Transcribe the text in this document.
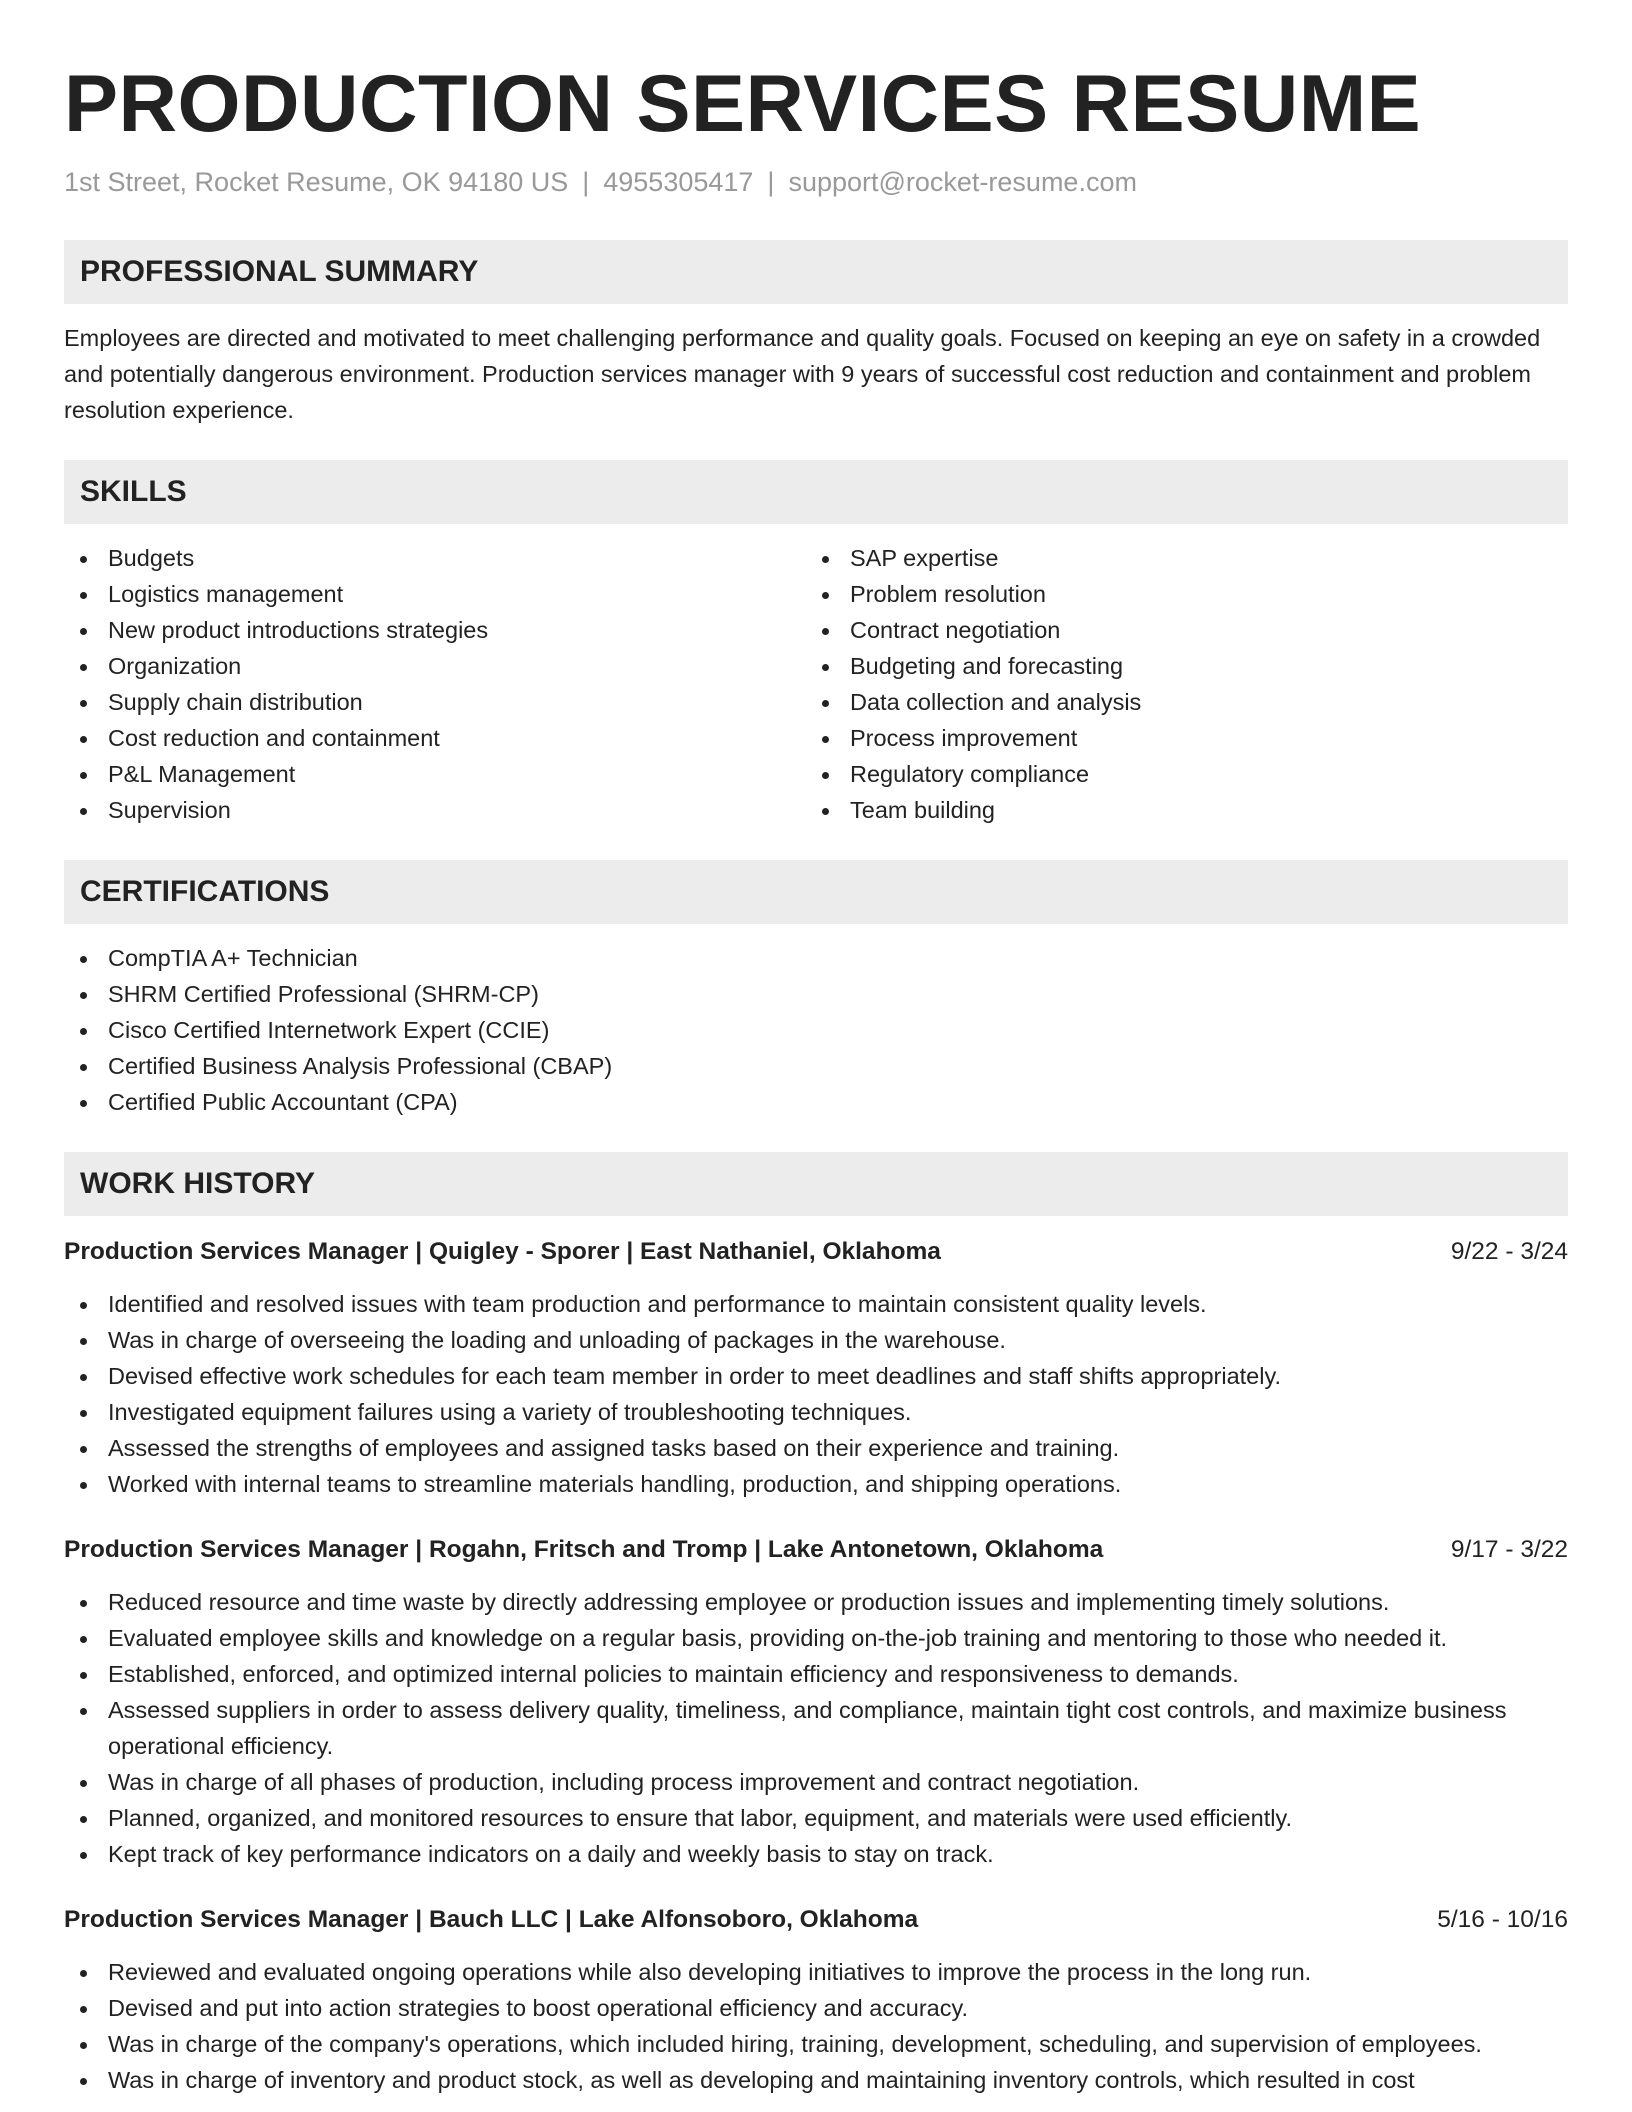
PRODUCTION SERVICES RESUME
1st Street, Rocket Resume, OK 94180 US | 4955305417 | support@rocket-resume.com
PROFESSIONAL SUMMARY

Employees are directed and motivated to meet challenging performance and quality goals. Focused on keeping an eye on safety in a crowded and potentially dangerous environment. Production services manager with 9 years of successful cost reduction and containment and problem resolution experience.

SKILLS
Budgets
Logistics management
New product introductions strategies
Organization
Supply chain distribution
Cost reduction and containment
P&L Management
Supervision
SAP expertise
Problem resolution
Contract negotiation
Budgeting and forecasting
Data collection and analysis
Process improvement
Regulatory compliance
Team building
CERTIFICATIONS
CompTIA A+ Technician
SHRM Certified Professional (SHRM-CP)
Cisco Certified Internetwork Expert (CCIE)
Certified Business Analysis Professional (CBAP)
Certified Public Accountant (CPA)
WORK HISTORY
Production Services Manager | Quigley - Sporer | East Nathaniel, Oklahoma	9/22 - 3/24
Identified and resolved issues with team production and performance to maintain consistent quality levels.
Was in charge of overseeing the loading and unloading of packages in the warehouse.
Devised effective work schedules for each team member in order to meet deadlines and staff shifts appropriately.
Investigated equipment failures using a variety of troubleshooting techniques.
Assessed the strengths of employees and assigned tasks based on their experience and training.
Worked with internal teams to streamline materials handling, production, and shipping operations.
Production Services Manager | Rogahn, Fritsch and Tromp | Lake Antonetown, Oklahoma	9/17 - 3/22
Reduced resource and time waste by directly addressing employee or production issues and implementing timely solutions.
Evaluated employee skills and knowledge on a regular basis, providing on-the-job training and mentoring to those who needed it.
Established, enforced, and optimized internal policies to maintain efficiency and responsiveness to demands.
Assessed suppliers in order to assess delivery quality, timeliness, and compliance, maintain tight cost controls, and maximize business operational efficiency.
Was in charge of all phases of production, including process improvement and contract negotiation.
Planned, organized, and monitored resources to ensure that labor, equipment, and materials were used efficiently.
Kept track of key performance indicators on a daily and weekly basis to stay on track.
Production Services Manager | Bauch LLC | Lake Alfonsoboro, Oklahoma	5/16 - 10/16
Reviewed and evaluated ongoing operations while also developing initiatives to improve the process in the long run.
Devised and put into action strategies to boost operational efficiency and accuracy.
Was in charge of the company's operations, which included hiring, training, development, scheduling, and supervision of employees.
Was in charge of inventory and product stock, as well as developing and maintaining inventory controls, which resulted in cost
